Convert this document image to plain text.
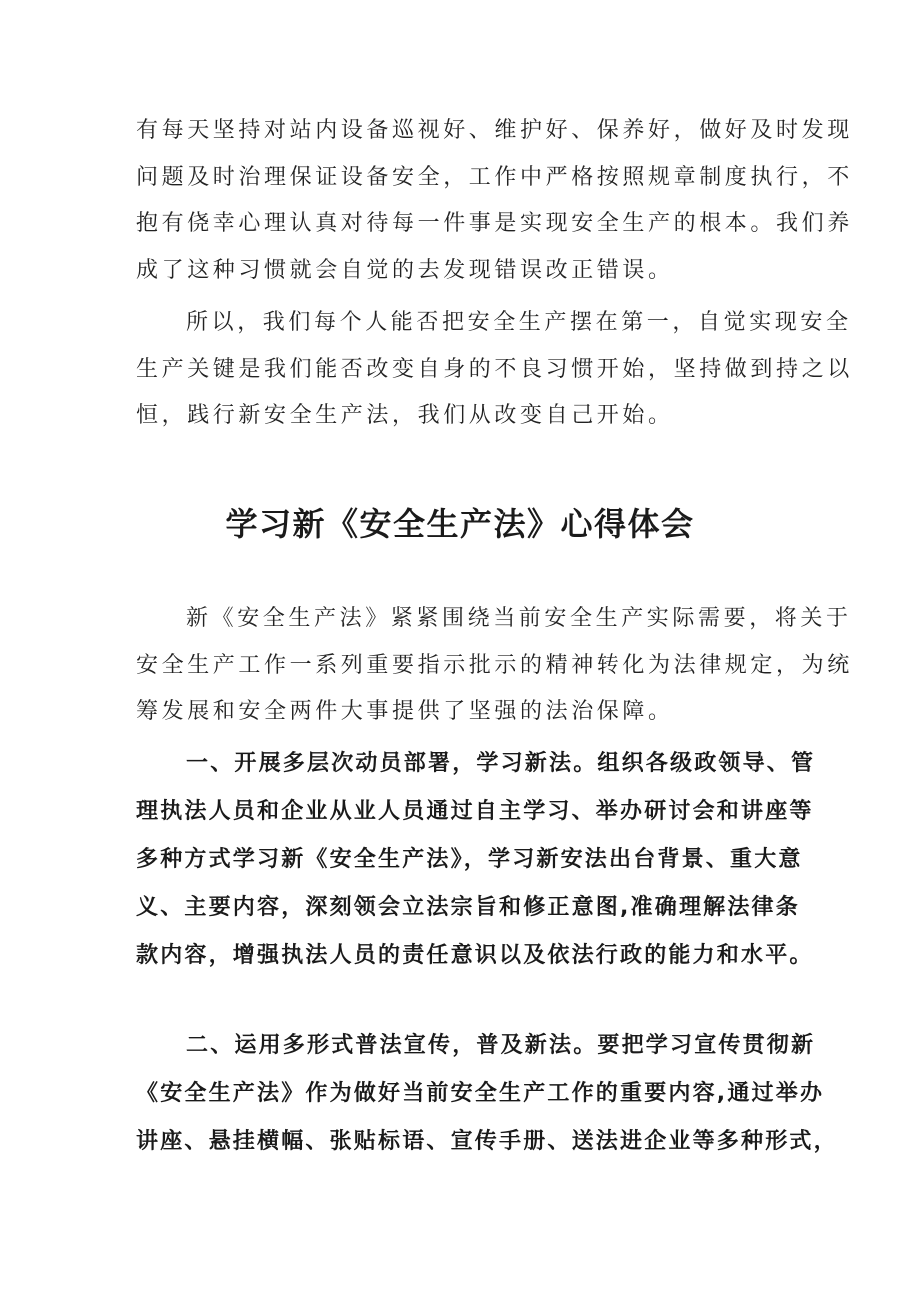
有每天坚持对站内设备巡视好、维护好、保养好，做好及时发现
问题及时治理保证设备安全，工作中严格按照规章制度执行，不
抱有侥幸心理认真对待每一件事是实现安全生产的根本。我们养
成了这种习惯就会自觉的去发现错误改正错误。
所以，我们每个人能否把安全生产摆在第一，自觉实现安全
生产关键是我们能否改变自身的不良习惯开始，坚持做到持之以
恒，践行新安全生产法，我们从改变自己开始。
学习新《安全生产法》心得体会
新《安全生产法》紧紧围绕当前安全生产实际需要，将关于
安全生产工作一系列重要指示批示的精神转化为法律规定，为统
筹发展和安全两件大事提供了坚强的法治保障。
一、开展多层次动员部署，学习新法。组织各级政领导、管
理执法人员和企业从业人员通过自主学习、举办研讨会和讲座等
多种方式学习新《安全生产法》，学习新安法出台背景、重大意
义、主要内容，深刻领会立法宗旨和修正意图,准确理解法律条
款内容，增强执法人员的责任意识以及依法行政的能力和水平。
二、运用多形式普法宣传，普及新法。要把学习宣传贯彻新
《安全生产法》作为做好当前安全生产工作的重要内容,通过举办
讲座、悬挂横幅、张贴标语、宣传手册、送法进企业等多种形式，
